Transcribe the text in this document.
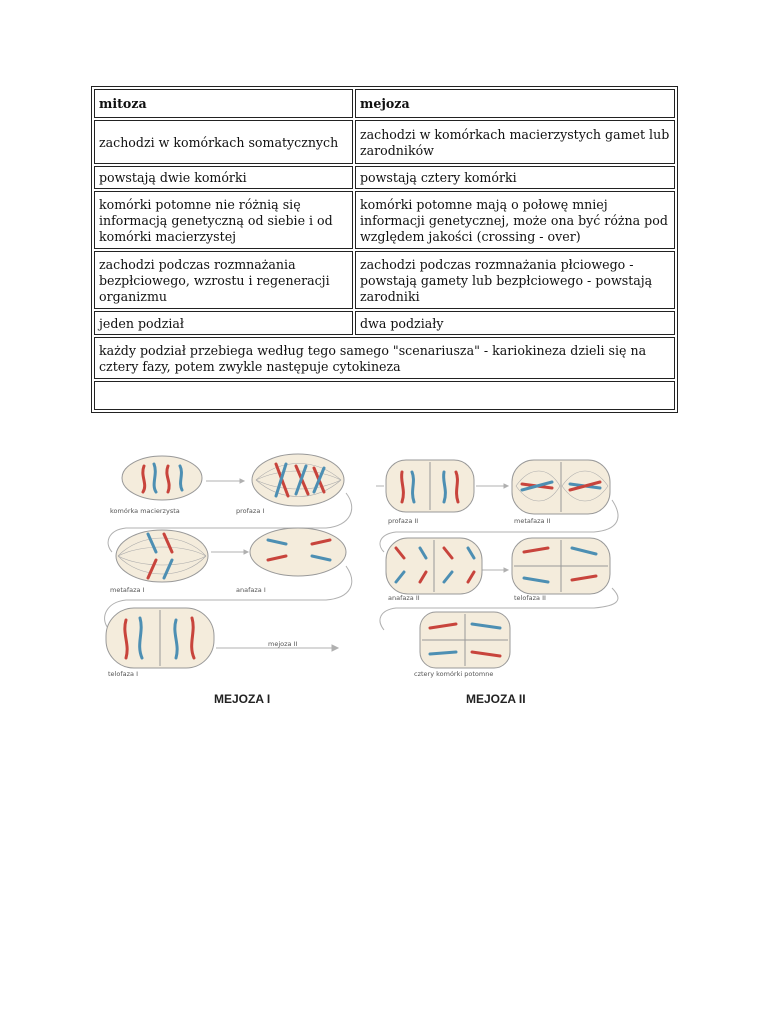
mitoza	mejoza
zachodzi w komórkach somatycznych	zachodzi w komórkach macierzystych gamet lub zarodników
powstają dwie komórki	powstają cztery komórki
komórki potomne nie różnią się informacją genetyczną od siebie i od komórki macierzystej	komórki potomne mają o połowę mniej informacji genetycznej, może ona być różna pod względem jakości (crossing - over)
zachodzi podczas rozmnażania bezpłciowego, wzrostu i regeneracji organizmu	zachodzi podczas rozmnażania płciowego - powstają gamety lub bezpłciowego - powstają zarodniki
jeden podział	dwa podziały
każdy podział przebiega według tego samego "scenariusza" - kariokineza dzieli się na cztery fazy, potem zwykle następuje cytokineza	

komórka macierzysta	profaza I
metafaza I	anafaza I
telofaza I
mejoza II
profaza II	metafaza II
anafaza II	telofaza II
cztery komórki potomne
MEJOZA I	MEJOZA II
